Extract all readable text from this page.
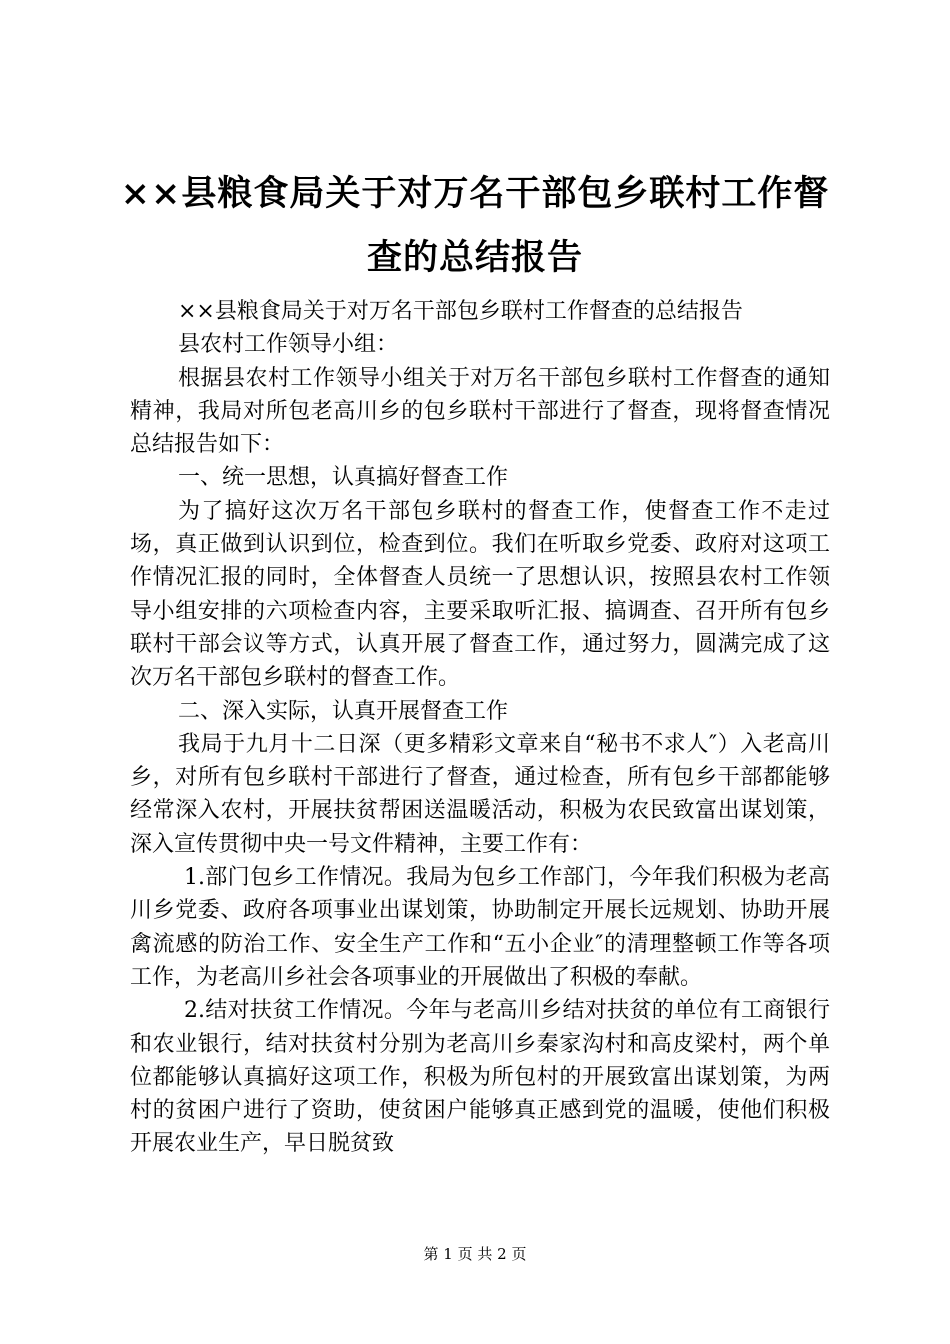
××县粮食局关于对万名干部包乡联村工作督查的总结报告

××县粮食局关于对万名干部包乡联村工作督查的总结报告

县农村工作领导小组：

根据县农村工作领导小组关于对万名干部包乡联村工作督查的通知精神，我局对所包老高川乡的包乡联村干部进行了督查，现将督查情况总结报告如下：

一、统一思想，认真搞好督查工作

为了搞好这次万名干部包乡联村的督查工作，使督查工作不走过场，真正做到认识到位，检查到位。我们在听取乡党委、政府对这项工作情况汇报的同时，全体督查人员统一了思想认识，按照县农村工作领导小组安排的六项检查内容，主要采取听汇报、搞调查、召开所有包乡联村干部会议等方式，认真开展了督查工作，通过努力，圆满完成了这次万名干部包乡联村的督查工作。

二、深入实际，认真开展督查工作

我局于九月十二日深（更多精彩文章来自“秘书不求人″）入老高川乡，对所有包乡联村干部进行了督查，通过检查，所有包乡干部都能够经常深入农村，开展扶贫帮困送温暖活动，积极为农民致富出谋划策，深入宣传贯彻中央一号文件精神，主要工作有：

1.部门包乡工作情况。我局为包乡工作部门，今年我们积极为老高川乡党委、政府各项事业出谋划策，协助制定开展长远规划、协助开展禽流感的防治工作、安全生产工作和“五小企业″的清理整顿工作等各项工作，为老高川乡社会各项事业的开展做出了积极的奉献。

2.结对扶贫工作情况。今年与老高川乡结对扶贫的单位有工商银行和农业银行，结对扶贫村分别为老高川乡秦家沟村和高皮梁村，两个单位都能够认真搞好这项工作，积极为所包村的开展致富出谋划策，为两村的贫困户进行了资助，使贫困户能够真正感到党的温暖，使他们积极开展农业生产，早日脱贫致

第 1 页 共 2 页
